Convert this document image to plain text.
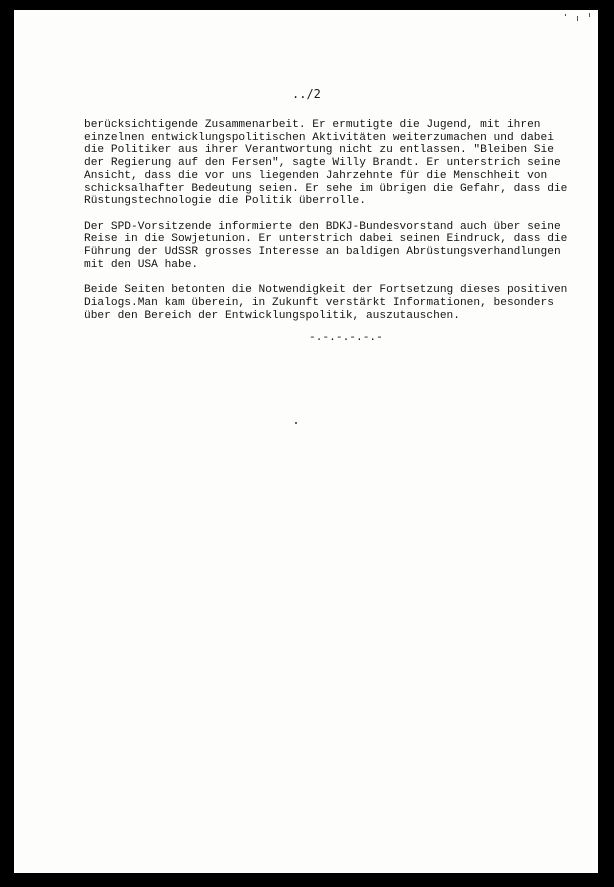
../2

berücksichtigende Zusammenarbeit. Er ermutigte die Jugend, mit ihren
einzelnen entwicklungspolitischen Aktivitäten weiterzumachen und dabei
die Politiker aus ihrer Verantwortung nicht zu entlassen. "Bleiben Sie
der Regierung auf den Fersen", sagte Willy Brandt. Er unterstrich seine
Ansicht, dass die vor uns liegenden Jahrzehnte für die Menschheit von
schicksalhafter Bedeutung seien. Er sehe im übrigen die Gefahr, dass die
Rüstungstechnologie die Politik überrolle.

Der SPD-Vorsitzende informierte den BDKJ-Bundesvorstand auch über seine
Reise in die Sowjetunion. Er unterstrich dabei seinen Eindruck, dass die
Führung der UdSSR grosses Interesse an baldigen Abrüstungsverhandlungen
mit den USA habe.

Beide Seiten betonten die Notwendigkeit der Fortsetzung dieses positiven
Dialogs.Man kam überein, in Zukunft verstärkt Informationen, besonders
über den Bereich der Entwicklungspolitik, auszutauschen.

-.-.-.-.-.-
